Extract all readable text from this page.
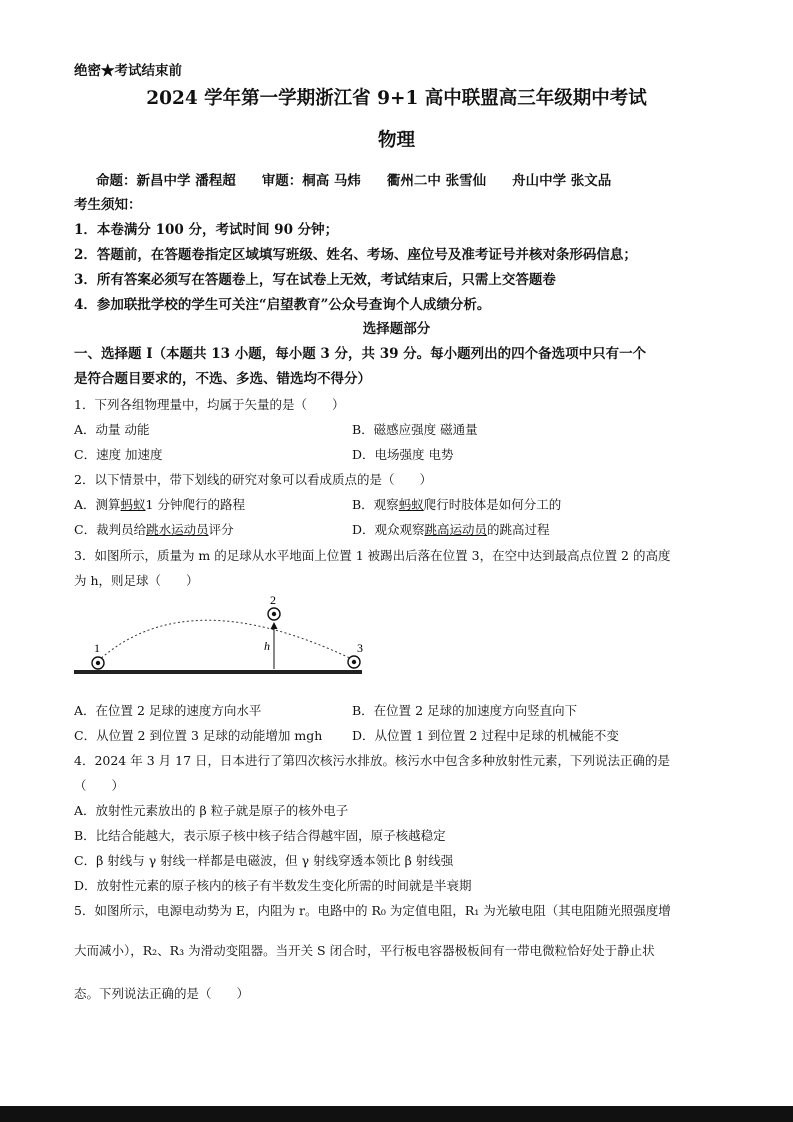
绝密★考试结束前
2024 学年第一学期浙江省 9+1 高中联盟高三年级期中考试
物理
命题：新昌中学 潘程超 审题：桐高 马炜 衢州二中 张雪仙 舟山中学 张文品
考生须知：
1．本卷满分 100 分，考试时间 90 分钟；
2．答题前，在答题卷指定区域填写班级、姓名、考场、座位号及准考证号并核对条形码信息；
3．所有答案必须写在答题卷上，写在试卷上无效，考试结束后，只需上交答题卷
4．参加联批学校的学生可关注“启望教育”公众号查询个人成绩分析。
选择题部分
一、选择题 I（本题共 13 小题，每小题 3 分，共 39 分。每小题列出的四个备选项中只有一个
是符合题目要求的，不选、多选、错选均不得分）
1．下列各组物理量中，均属于矢量的是（　　）
A．动量 动能	B．磁感应强度 磁通量
C．速度 加速度	D．电场强度 电势
2．以下情景中，带下划线的研究对象可以看成质点的是（　　）
A．测算蚂蚁1 分钟爬行的路程	B．观察蚂蚁爬行时肢体是如何分工的
C．裁判员给跳水运动员评分	D．观众观察跳高运动员的跳高过程
3．如图所示，质量为 m 的足球从水平地面上位置 1 被踢出后落在位置 3，在空中达到最高点位置 2 的高度
为 h，则足球（　　）
1
2
3
h
A．在位置 2 足球的速度方向水平	B．在位置 2 足球的加速度方向竖直向下
C．从位置 2 到位置 3 足球的动能增加 mgh D．从位置 1 到位置 2 过程中足球的机械能不变
4．2024 年 3 月 17 日，日本进行了第四次核污水排放。核污水中包含多种放射性元素，下列说法正确的是
（　　）
A．放射性元素放出的 β 粒子就是原子的核外电子
B．比结合能越大，表示原子核中核子结合得越牢固，原子核越稳定
C．β 射线与 γ 射线一样都是电磁波，但 γ 射线穿透本领比 β 射线强
D．放射性元素的原子核内的核子有半数发生变化所需的时间就是半衰期
5．如图所示，电源电动势为 E，内阻为 r。电路中的 R₀ 为定值电阻，R₁ 为光敏电阻（其电阻随光照强度增
大而减小），R₂、R₃ 为滑动变阻器。当开关 S 闭合时，平行板电容器极板间有一带电微粒恰好处于静止状
态。下列说法正确的是（　　）
